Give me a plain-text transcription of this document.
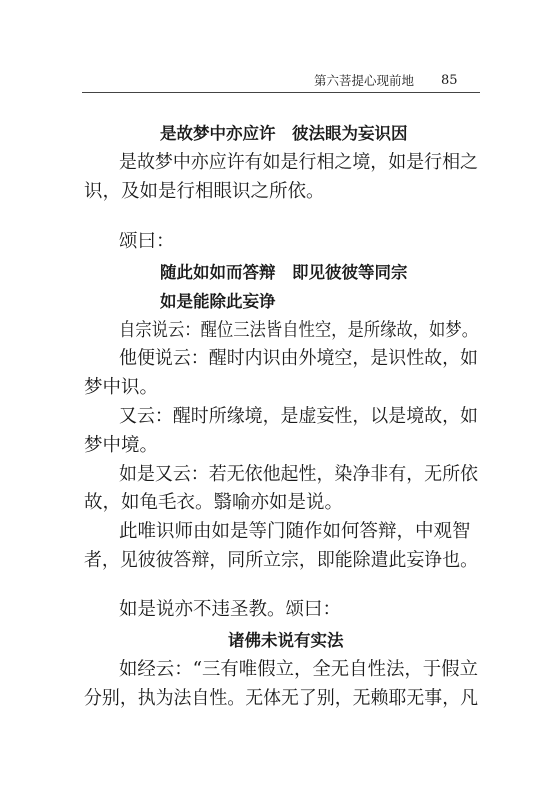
第六菩提心现前地 85
是故梦中亦应许　彼法眼为妄识因
是故梦中亦应许有如是行相之境，如是行相之
识，及如是行相眼识之所依。
颂曰：
随此如如而答辩　即见彼彼等同宗
如是能除此妄诤
自宗说云：醒位三法皆自性空，是所缘故，如梦。
他便说云：醒时内识由外境空，是识性故，如
梦中识。
又云：醒时所缘境，是虚妄性，以是境故，如
梦中境。
如是又云：若无依他起性，染净非有，无所依
故，如龟毛衣。翳喻亦如是说。
此唯识师由如是等门随作如何答辩，中观智
者，见彼彼答辩，同所立宗，即能除遣此妄诤也。
如是说亦不违圣教。颂曰：
诸佛未说有实法
如经云：“三有唯假立，全无自性法，于假立
分别，执为法自性。无体无了别，无赖耶无事，凡
